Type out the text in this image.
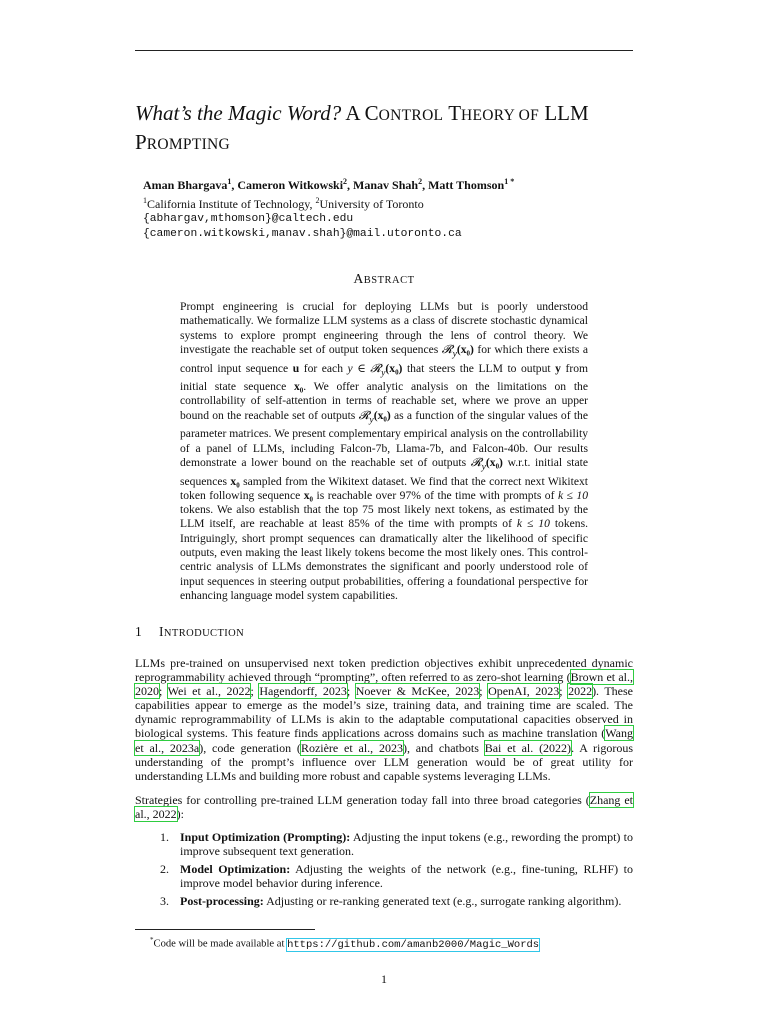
What’s the Magic Word? A CONTROL THEORY OF LLM
PROMPTING
Aman Bhargava$^1$, Cameron Witkowski$^2$, Manav Shah$^2$, Matt Thomson$^{1 *}$
$^1$California Institute of Technology, $^2$University of Toronto
{abhargav,mthomson}@caltech.edu
{cameron.witkowski,manav.shah}@mail.utoronto.ca
ABSTRACT
Prompt engineering is crucial for deploying LLMs but is poorly understood mathematically. We formalize LLM systems as a class of discrete stochastic dynamical systems to explore prompt engineering through the lens of control theory. We investigate the reachable set of output token sequences 𝓡$_y$(x₀) for which there exists a control input sequence u for each y ∈ 𝓡$_y$(x₀) that steers the LLM to output y from initial state sequence x₀. We offer analytic analysis on the limitations on the controllability of self-attention in terms of reachable set, where we prove an upper bound on the reachable set of outputs 𝓡$_y$(x₀) as a function of the singular values of the parameter matrices. We present complementary empirical analysis on the controllability of a panel of LLMs, including Falcon-7b, Llama-7b, and Falcon-40b. Our results demonstrate a lower bound on the reachable set of outputs 𝓡$_y$(x₀) w.r.t. initial state sequences x₀ sampled from the Wikitext dataset. We find that the correct next Wikitext token following sequence x₀ is reachable over 97% of the time with prompts of k ≤ 10 tokens. We also establish that the top 75 most likely next tokens, as estimated by the LLM itself, are reachable at least 85% of the time with prompts of k ≤ 10 tokens. Intriguingly, short prompt sequences can dramatically alter the likelihood of specific outputs, even making the least likely tokens become the most likely ones. This control-centric analysis of LLMs demonstrates the significant and poorly understood role of input sequences in steering output probabilities, offering a foundational perspective for enhancing language model system capabilities.
1 INTRODUCTION
LLMs pre-trained on unsupervised next token prediction objectives exhibit unprecedented dynamic reprogrammability achieved through “prompting”, often referred to as zero-shot learning (Brown et al., 2020; Wei et al., 2022; Hagendorff, 2023; Noever & McKee, 2023; OpenAI, 2023; 2022). These capabilities appear to emerge as the model’s size, training data, and training time are scaled. The dynamic reprogrammability of LLMs is akin to the adaptable computational capacities observed in biological systems. This feature finds applications across domains such as machine translation (Wang et al., 2023a), code generation (Rozière et al., 2023), and chatbots Bai et al. (2022). A rigorous understanding of the prompt’s influence over LLM generation would be of great utility for understanding LLMs and building more robust and capable systems leveraging LLMs.
Strategies for controlling pre-trained LLM generation today fall into three broad categories (Zhang et al., 2022):
1. Input Optimization (Prompting): Adjusting the input tokens (e.g., rewording the prompt) to improve subsequent text generation.
2. Model Optimization: Adjusting the weights of the network (e.g., fine-tuning, RLHF) to improve model behavior during inference.
3. Post-processing: Adjusting or re-ranking generated text (e.g., surrogate ranking algorithm).
*Code will be made available at https://github.com/amanb2000/Magic_Words
1
